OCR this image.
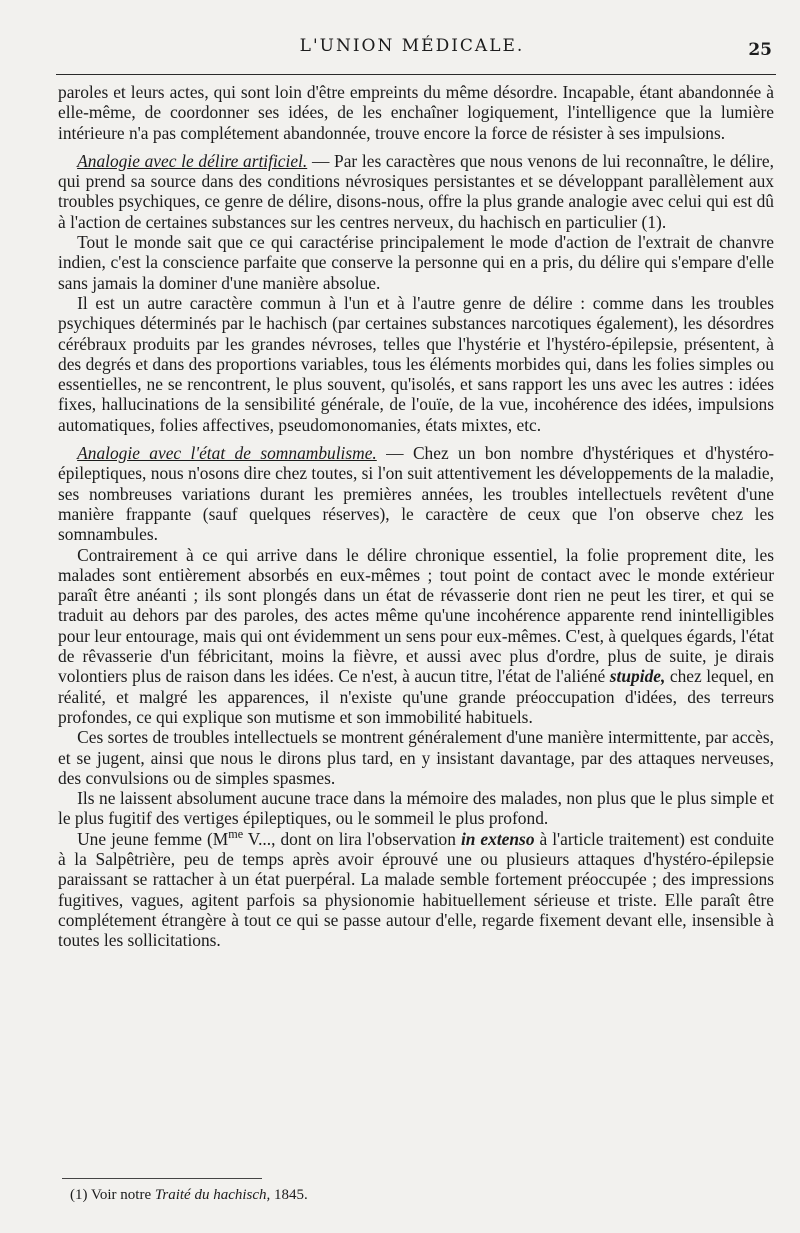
L'UNION MÉDICALE.	25

paroles et leurs actes, qui sont loin d'être empreints du même désordre. Incapable, étant abandonnée à elle-même, de coordonner ses idées, de les enchaîner logiquement, l'intelligence que la lumière intérieure n'a pas complétement abandonnée, trouve encore la force de résister à ses impulsions.

Analogie avec le délire artificiel. — Par les caractères que nous venons de lui reconnaître, le délire, qui prend sa source dans des conditions névrosiques persistantes et se développant parallèlement aux troubles psychiques, ce genre de délire, disons-nous, offre la plus grande analogie avec celui qui est dû à l'action de certaines substances sur les centres nerveux, du hachisch en particulier (1).

Tout le monde sait que ce qui caractérise principalement le mode d'action de l'extrait de chanvre indien, c'est la conscience parfaite que conserve la personne qui en a pris, du délire qui s'empare d'elle sans jamais la dominer d'une manière absolue.

Il est un autre caractère commun à l'un et à l'autre genre de délire : comme dans les troubles psychiques déterminés par le hachisch (par certaines substances narcotiques également), les désordres cérébraux produits par les grandes névroses, telles que l'hystérie et l'hystéro-épilepsie, présentent, à des degrés et dans des proportions variables, tous les éléments morbides qui, dans les folies simples ou essentielles, ne se rencontrent, le plus souvent, qu'isolés, et sans rapport les uns avec les autres : idées fixes, hallucinations de la sensibilité générale, de l'ouïe, de la vue, incohérence des idées, impulsions automatiques, folies affectives, pseudomonomanies, états mixtes, etc.

Analogie avec l'état de somnambulisme. — Chez un bon nombre d'hystériques et d'hystéro-épileptiques, nous n'osons dire chez toutes, si l'on suit attentivement les développements de la maladie, ses nombreuses variations durant les premières années, les troubles intellectuels revêtent d'une manière frappante (sauf quelques réserves), le caractère de ceux que l'on observe chez les somnambules.

Contrairement à ce qui arrive dans le délire chronique essentiel, la folie proprement dite, les malades sont entièrement absorbés en eux-mêmes ; tout point de contact avec le monde extérieur paraît être anéanti ; ils sont plongés dans un état de révasserie dont rien ne peut les tirer, et qui se traduit au dehors par des paroles, des actes même qu'une incohérence apparente rend inintelligibles pour leur entourage, mais qui ont évidemment un sens pour eux-mêmes. C'est, à quelques égards, l'état de rêvasserie d'un fébricitant, moins la fièvre, et aussi avec plus d'ordre, plus de suite, je dirais volontiers plus de raison dans les idées. Ce n'est, à aucun titre, l'état de l'aliéné stupide, chez lequel, en réalité, et malgré les apparences, il n'existe qu'une grande préoccupation d'idées, des terreurs profondes, ce qui explique son mutisme et son immobilité habituels.

Ces sortes de troubles intellectuels se montrent généralement d'une manière intermittente, par accès, et se jugent, ainsi que nous le dirons plus tard, en y insistant davantage, par des attaques nerveuses, des convulsions ou de simples spasmes.

Ils ne laissent absolument aucune trace dans la mémoire des malades, non plus que le plus simple et le plus fugitif des vertiges épileptiques, ou le sommeil le plus profond.

Une jeune femme ($M^{me}$ V..., dont on lira l'observation in extenso à l'article traitement) est conduite à la Salpêtrière, peu de temps après avoir éprouvé une ou plusieurs attaques d'hystéro-épilepsie paraissant se rattacher à un état puerpéral. La malade semble fortement préoccupée ; des impressions fugitives, vagues, agitent parfois sa physionomie habituellement sérieuse et triste. Elle paraît être complétement étrangère à tout ce qui se passe autour d'elle, regarde fixement devant elle, insensible à toutes les sollicitations.

(1) Voir notre Traité du hachisch, 1845.
